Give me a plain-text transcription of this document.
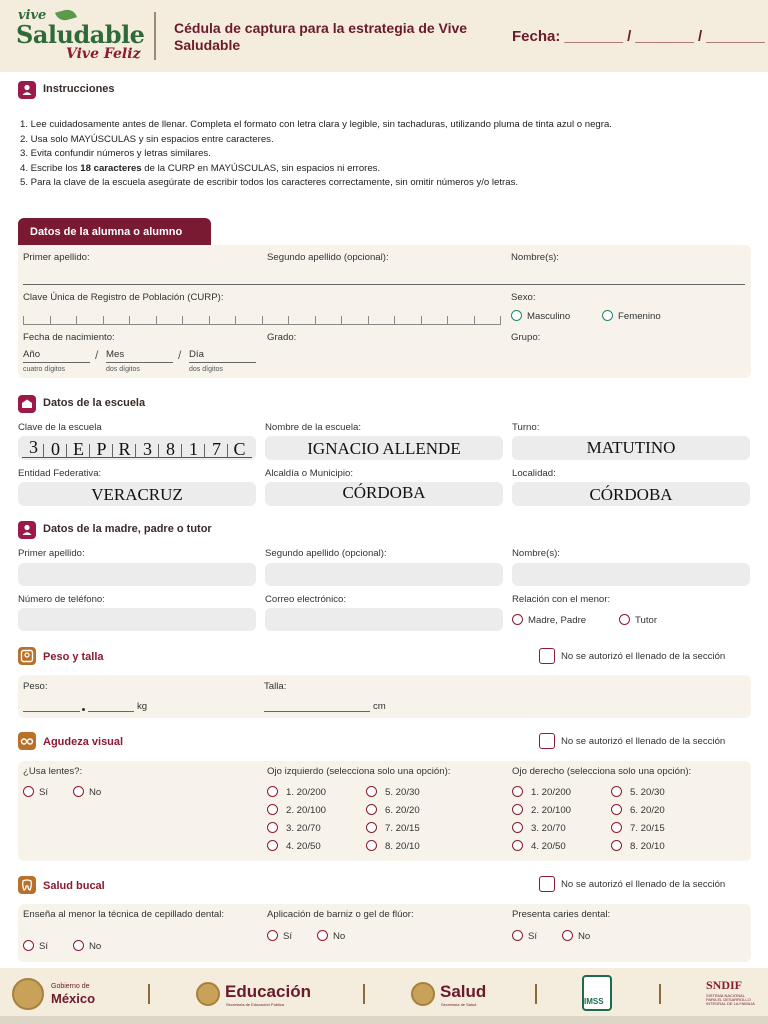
vive
Saludable
Vive Feliz
Cédula de captura para la estrategia de Vive Saludable	Fecha: _______ / _______ / _______
Instrucciones
1. Lee cuidadosamente antes de llenar. Completa el formato con letra clara y legible, sin tachaduras, utilizando pluma de tinta azul o negra.
2. Usa solo MAYÚSCULAS y sin espacios entre caracteres.
3. Evita confundir números y letras similares.
4. Escribe los 18 caracteres de la CURP en MAYÚSCULAS, sin espacios ni errores.
5. Para la clave de la escuela asegúrate de escribir todos los caracteres correctamente, sin omitir números y/o letras.
Datos de la alumna o alumno
Primer apellido:	Segundo apellido (opcional):	Nombre(s):
Clave Única de Registro de Población (CURP):	Sexo:
Masculino	Femenino
Fecha de nacimiento:	Grado:	Grupo:
Año
cuatro dígitos
/ Mes
dos dígitos
/ Día
dos dígitos
Datos de la escuela
Clave de la escuela
3 0 E P R 3 8 1 7 C
Nombre de la escuela:
IGNACIO ALLENDE
Turno:
MATUTINO
Entidad Federativa:
VERACRUZ
Alcaldía o Municipio:
CÓRDOBA
Localidad:
CÓRDOBA
Datos de la madre, padre o tutor
Primer apellido:	Segundo apellido (opcional):	Nombre(s):
Número de teléfono:	Correo electrónico:	Relación con el menor:
Madre, Padre	Tutor
Peso y talla	No se autorizó el llenado de la sección
Peso:
kg
Talla:
cm
Agudeza visual	No se autorizó el llenado de la sección
¿Usa lentes?:
Sí	No
Ojo izquierdo (selecciona solo una opción):
1. 20/200
2. 20/100
3. 20/70
4. 20/50
5. 20/30
6. 20/20
7. 20/15
8. 20/10
Ojo derecho (selecciona solo una opción):
1. 20/200
2. 20/100
3. 20/70
4. 20/50
5. 20/30
6. 20/20
7. 20/15
8. 20/10
Salud bucal	No se autorizó el llenado de la sección
Enseña al menor la técnica de cepillado dental:
Sí	No
Aplicación de barniz o gel de flúor:
Sí	No
Presenta caries dental:
Sí	No
Gobierno de
México	Educación
Secretaría de Educación Pública
Salud
Secretaría de Salud	IMSS
SNDIF
SISTEMA NACIONAL PARA EL DESARROLLO INTEGRAL DE LA FAMILIA
